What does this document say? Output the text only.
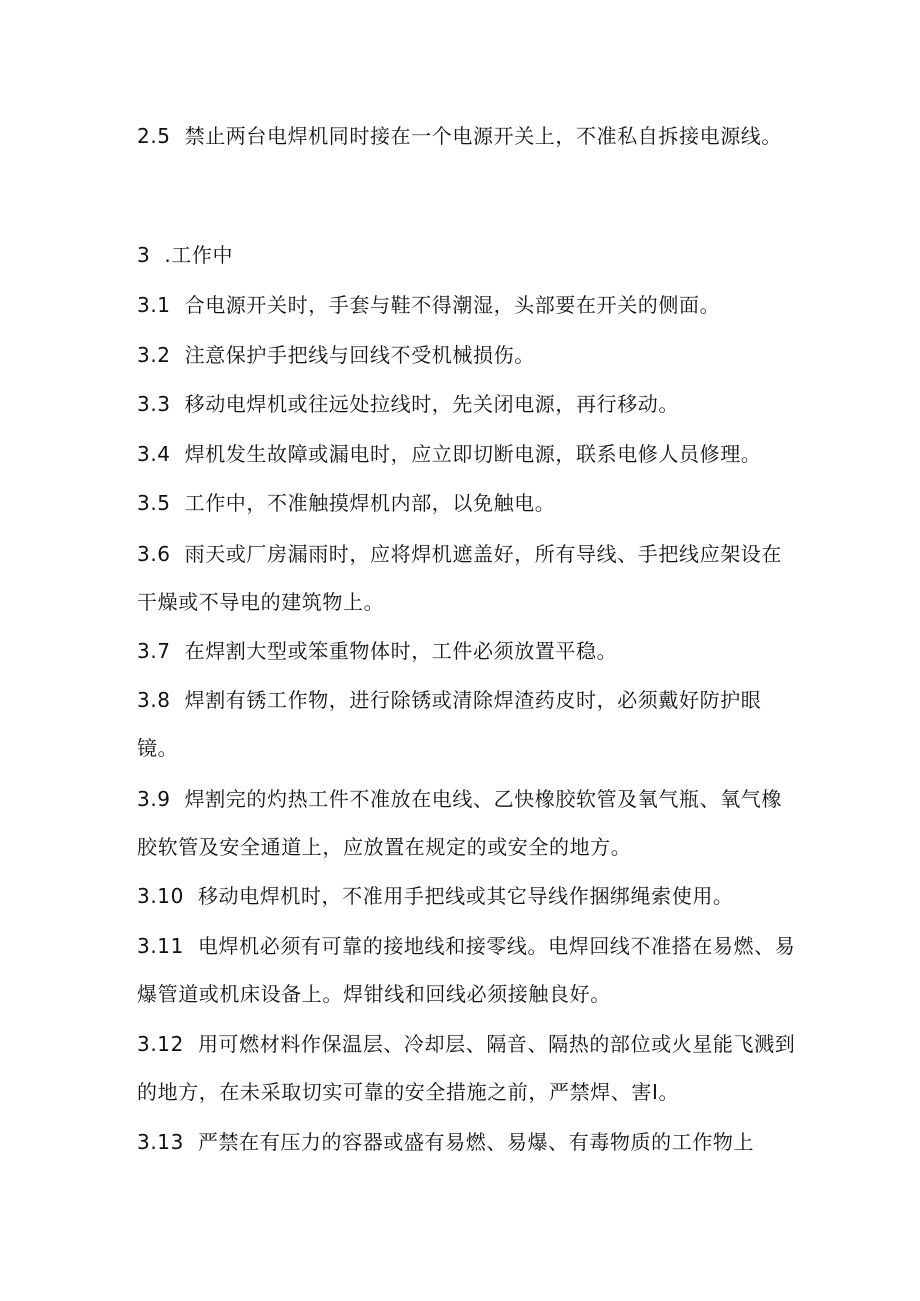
2.5 禁止两台电焊机同时接在一个电源开关上，不准私自拆接电源线。
3 .工作中
3.1 合电源开关时，手套与鞋不得潮湿，头部要在开关的侧面。
3.2 注意保护手把线与回线不受机械损伤。
3.3 移动电焊机或往远处拉线时，先关闭电源，再行移动。
3.4 焊机发生故障或漏电时，应立即切断电源，联系电修人员修理。
3.5 工作中，不准触摸焊机内部，以免触电。
3.6 雨天或厂房漏雨时，应将焊机遮盖好，所有导线、手把线应架设在干燥或不导电的建筑物上。
3.7 在焊割大型或笨重物体时，工件必须放置平稳。
3.8 焊割有锈工作物，进行除锈或清除焊渣药皮时，必须戴好防护眼镜。
3.9 焊割完的灼热工件不准放在电线、乙快橡胶软管及氧气瓶、氧气橡胶软管及安全通道上，应放置在规定的或安全的地方。
3.10 移动电焊机时，不准用手把线或其它导线作捆绑绳索使用。
3.11 电焊机必须有可靠的接地线和接零线。电焊回线不准搭在易燃、易爆管道或机床设备上。焊钳线和回线必须接触良好。
3.12 用可燃材料作保温层、冷却层、隔音、隔热的部位或火星能飞溅到的地方，在未采取切实可靠的安全措施之前，严禁焊、害I。
3.13 严禁在有压力的容器或盛有易燃、易爆、有毒物质的工作物上
